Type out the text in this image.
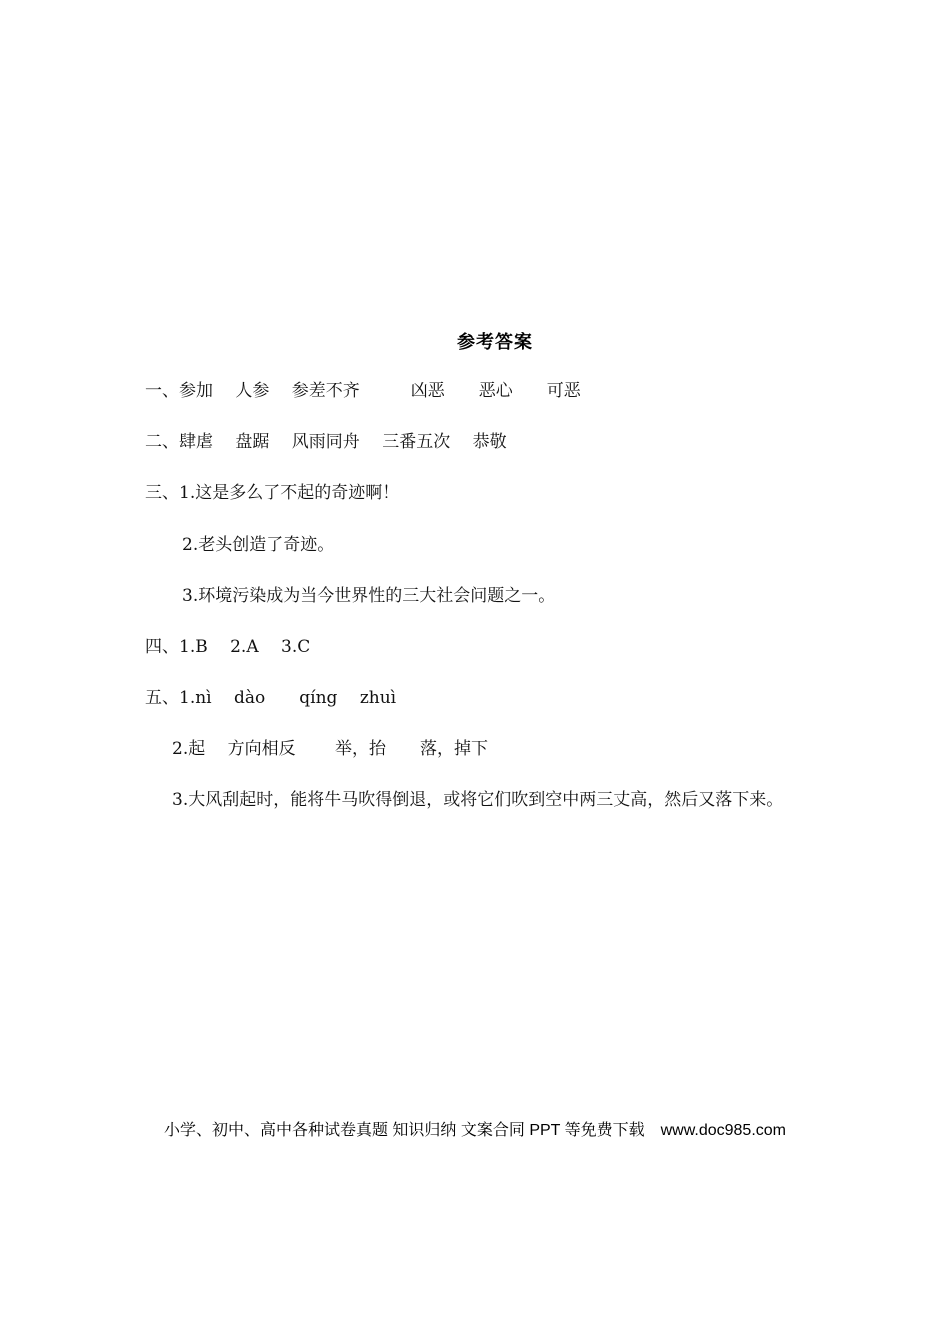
参考答案
一、参加　 人参　 参差不齐　　　凶恶　　恶心　　可恶
二、肆虐　 盘踞　 风雨同舟　 三番五次　 恭敬
三、1.这是多么了不起的奇迹啊！
2.老头创造了奇迹。
3.环境污染成为当今世界性的三大社会问题之一。
四、1.B　 2.A　 3.C
五、1.nì　 dào　　qíng　 zhuì
2.起　 方向相反　　 举，抬　　落，掉下
3.大风刮起时，能将牛马吹得倒退，或将它们吹到空中两三丈高，然后又落下来。
小学、初中、高中各种试卷真题 知识归纳 文案合同 PPT 等免费下载　www.doc985.com
